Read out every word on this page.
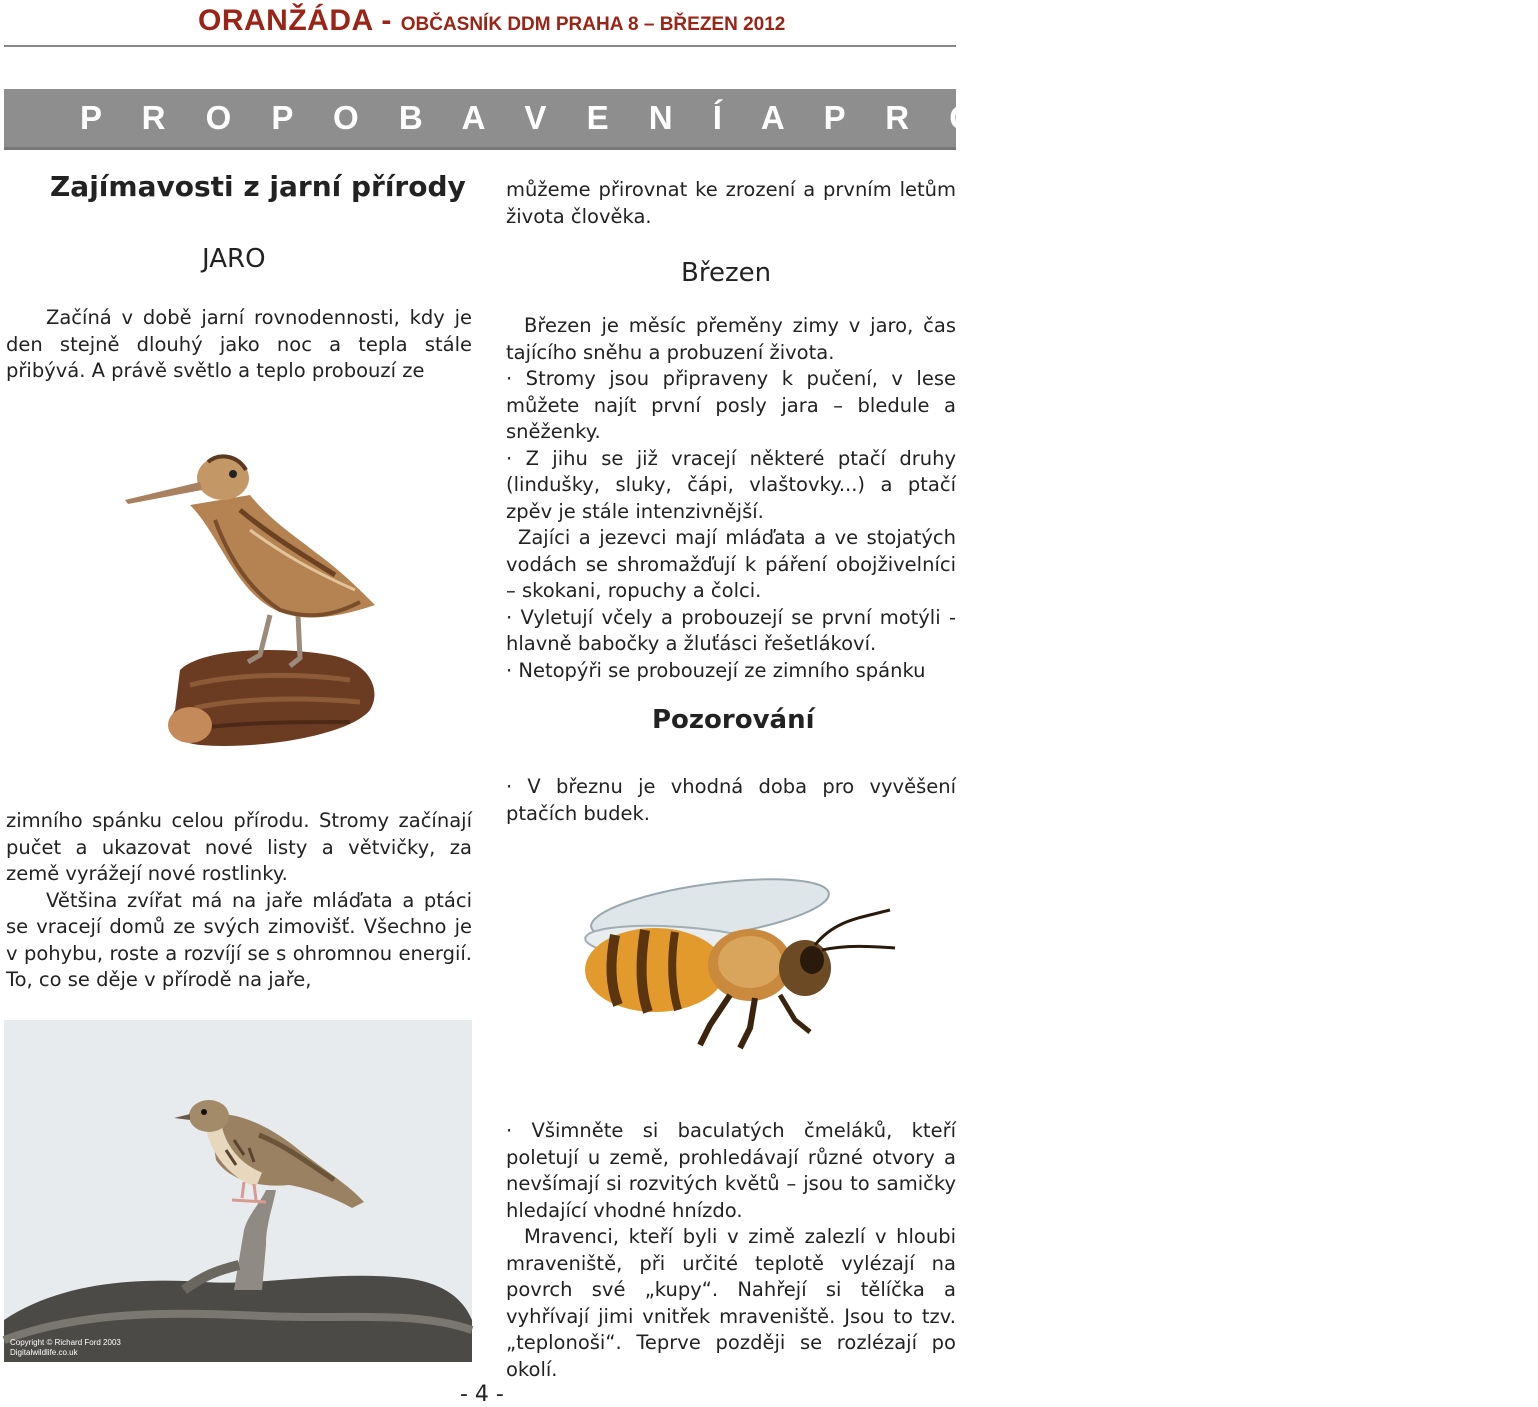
ORANŽÁDA - OBČASNÍK DDM PRAHA 8 – BŘEZEN 2012
P R O P O B A V E N Í A P R O Z A M Y Š L E N Í
Zajímavosti z jarní přírody
JARO

Začíná v době jarní rovnodennosti, kdy je den stejně dlouhý jako noc a tepla stále přibývá. A právě světlo a teplo probouzí ze

zimního spánku celou přírodu. Stromy začínají pučet a ukazovat nové listy a větvičky, za země vyrážejí nové rostlinky.

Většina zvířat má na jaře mláďata a ptáci se vracejí domů ze svých zimovišť. Všechno je v pohybu, roste a rozvíjí se s ohromnou energií. To, co se děje v přírodě na jaře,

Copyright © Richard Ford 2003
Digitalwildlife.co.uk

můžeme přirovnat ke zrození a prvním letům života člověka.

Březen

Březen je měsíc přeměny zimy v jaro, čas tajícího sněhu a probuzení života.

· Stromy jsou připraveny k pučení, v lese můžete najít první posly jara – bledule a sněženky.

· Z jihu se již vracejí některé ptačí druhy (lindušky, sluky, čápi, vlaštovky...) a ptačí zpěv je stále intenzivnější.

Zajíci a jezevci mají mláďata a ve stojatých vodách se shromažďují k páření obojživelníci – skokani, ropuchy a čolci.

· Vyletují včely a probouzejí se první motýli - hlavně babočky a žluťásci řešetlákoví.

· Netopýři se probouzejí ze zimního spánku

Pozorování

· V březnu je vhodná doba pro vyvěšení ptačích budek.

· Všimněte si baculatých čmeláků, kteří poletují u země, prohledávají různé otvory a nevšímají si rozvitých květů – jsou to samičky hledající vhodné hnízdo.

Mravenci, kteří byli v zimě zalezlí v hloubi mraveniště, při určité teplotě vylézají na povrch své „kupy“. Nahřejí si tělíčka a vyhřívají jimi vnitřek mraveniště. Jsou to tzv. „teplonoši“. Teprve později se rozlézají po okolí.

- 4 -
